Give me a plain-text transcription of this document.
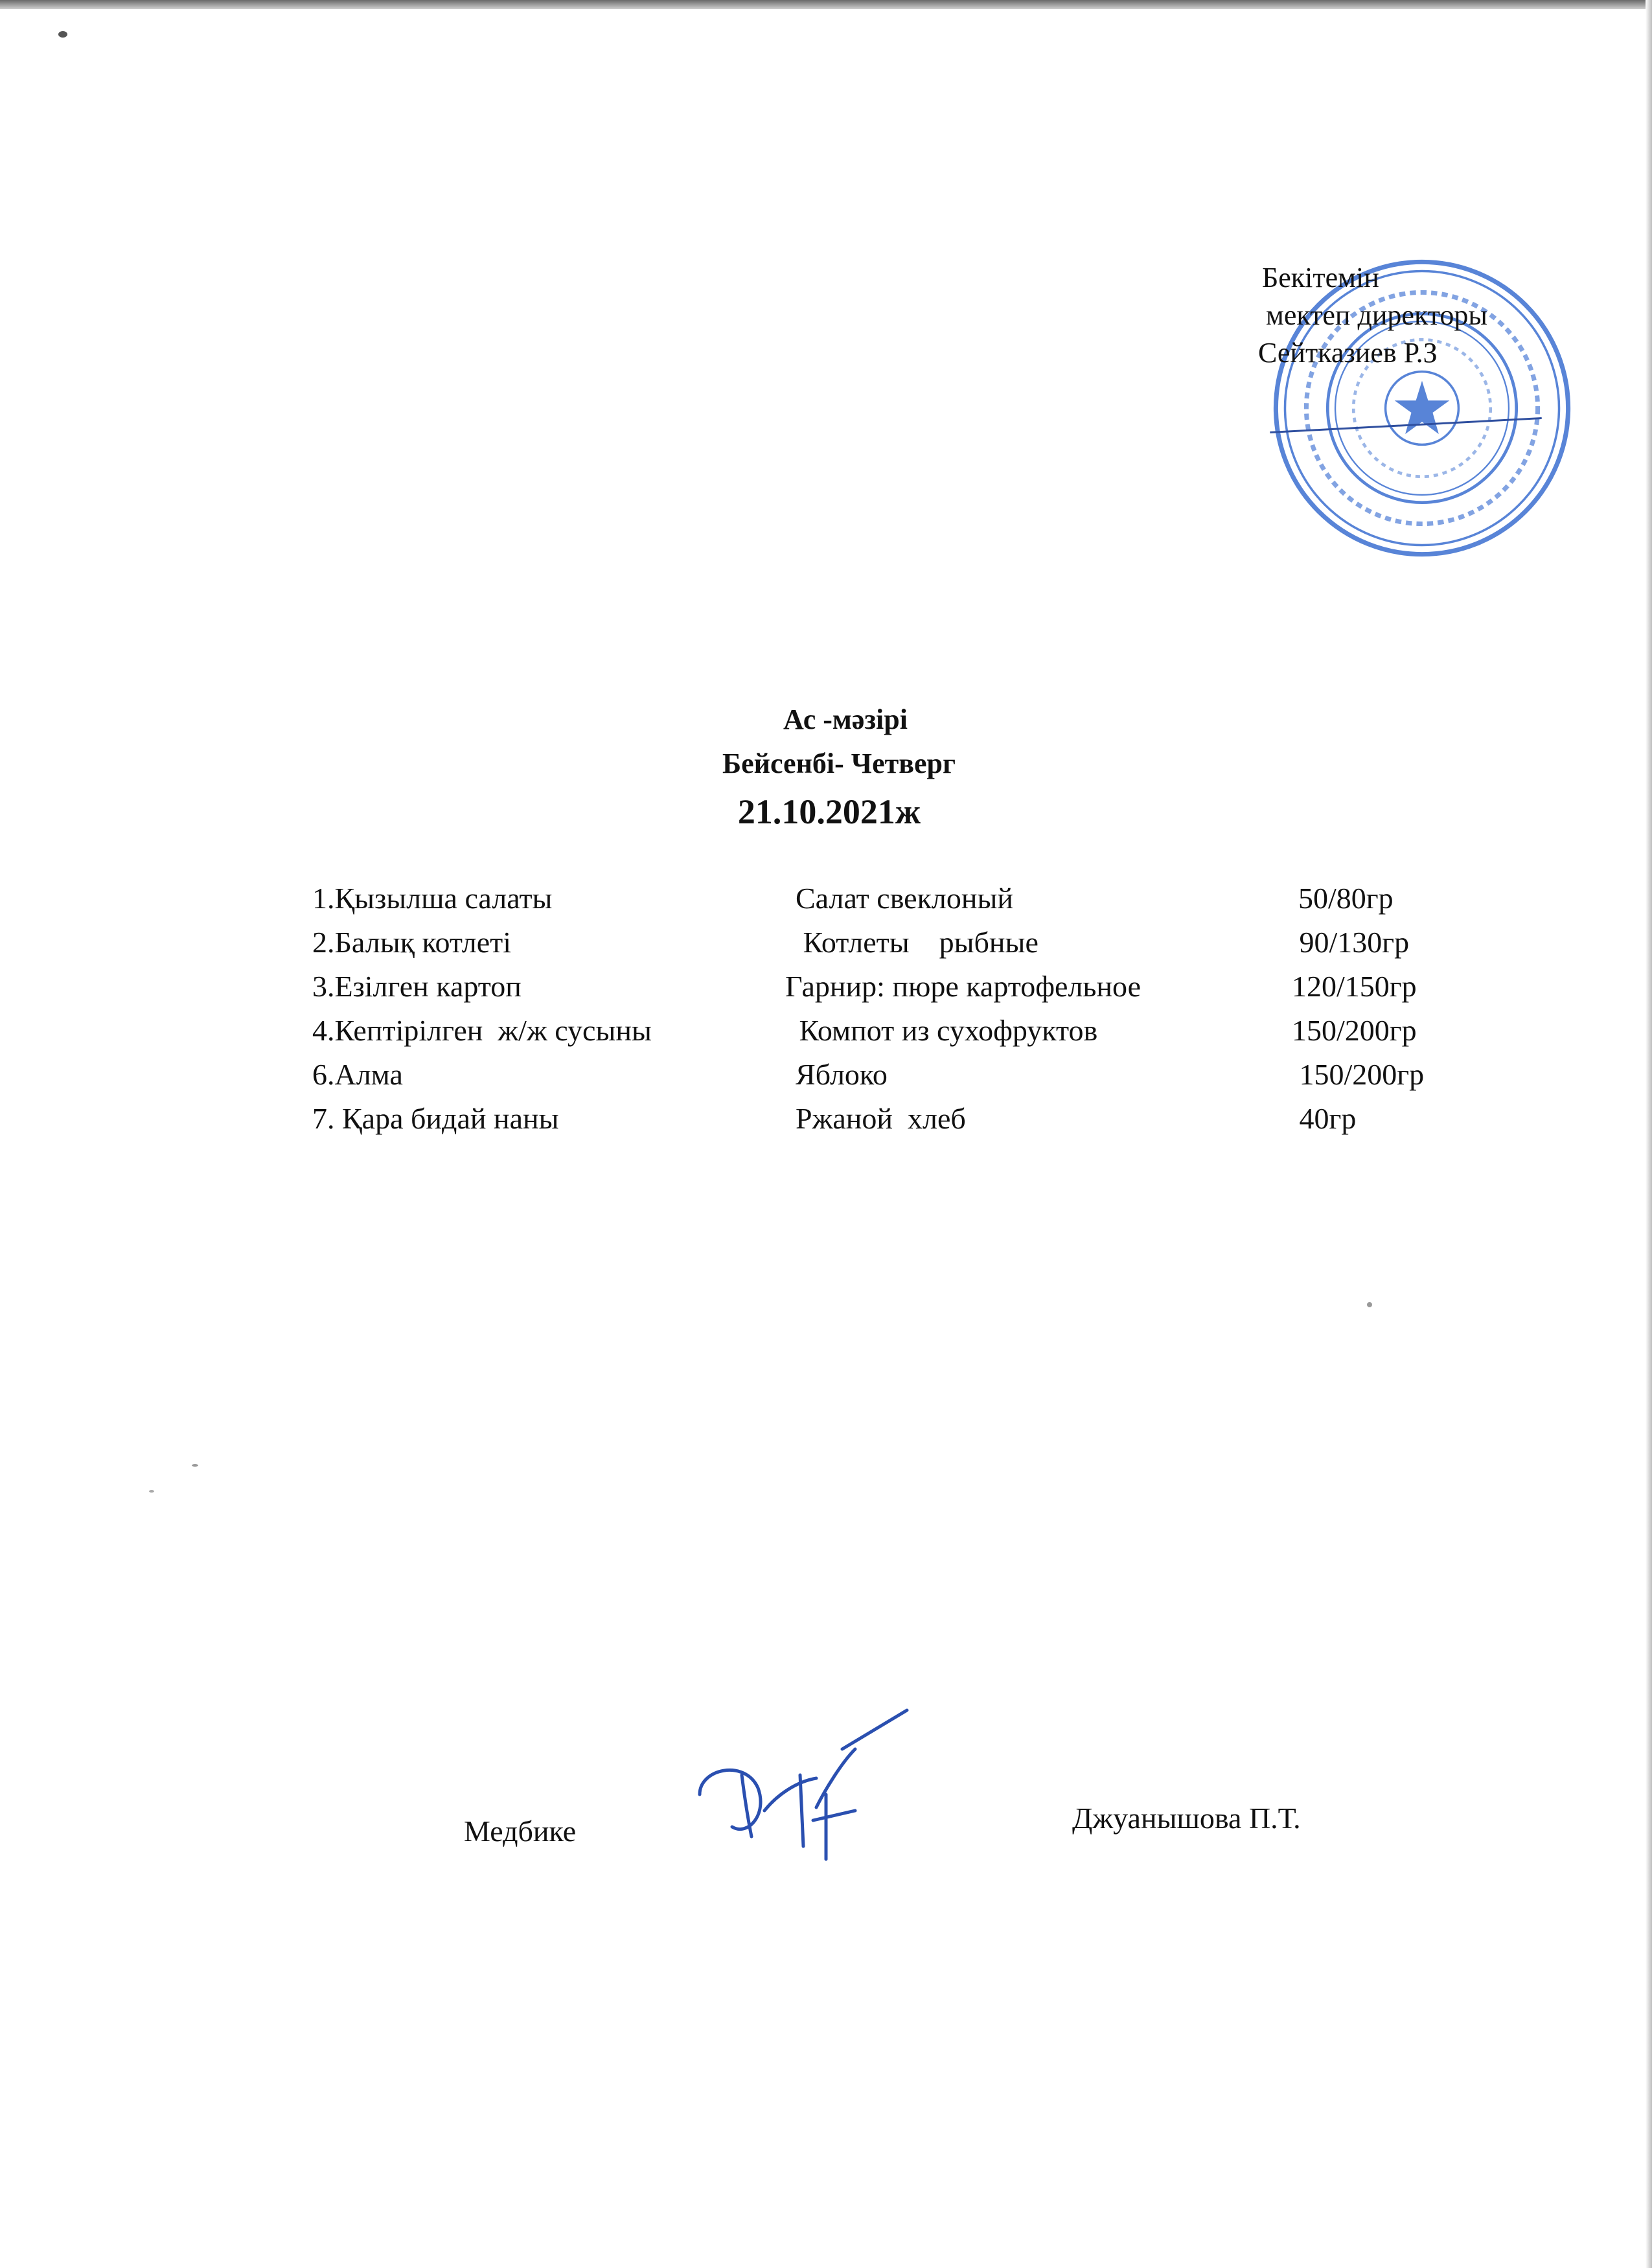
Бекітемін
мектеп директоры
Сейтказиев Р.З
Ас -мәзірі
Бейсенбі- Четверг
21.10.2021ж
1.Қызылша салаты	Салат свеклоный	50/80гр
2.Балық котлеті	Котлеты    рыбные	90/130гр
3.Езілген картоп	Гарнир: пюре картофельное	120/150гр
4.Кептірілген  ж/ж сусыны	Компот из сухофруктов	150/200гр
6.Алма	Яблоко	150/200гр
7. Қара бидай наны	Ржаной  хлеб	40гр
Медбике	Джуанышова П.Т.
